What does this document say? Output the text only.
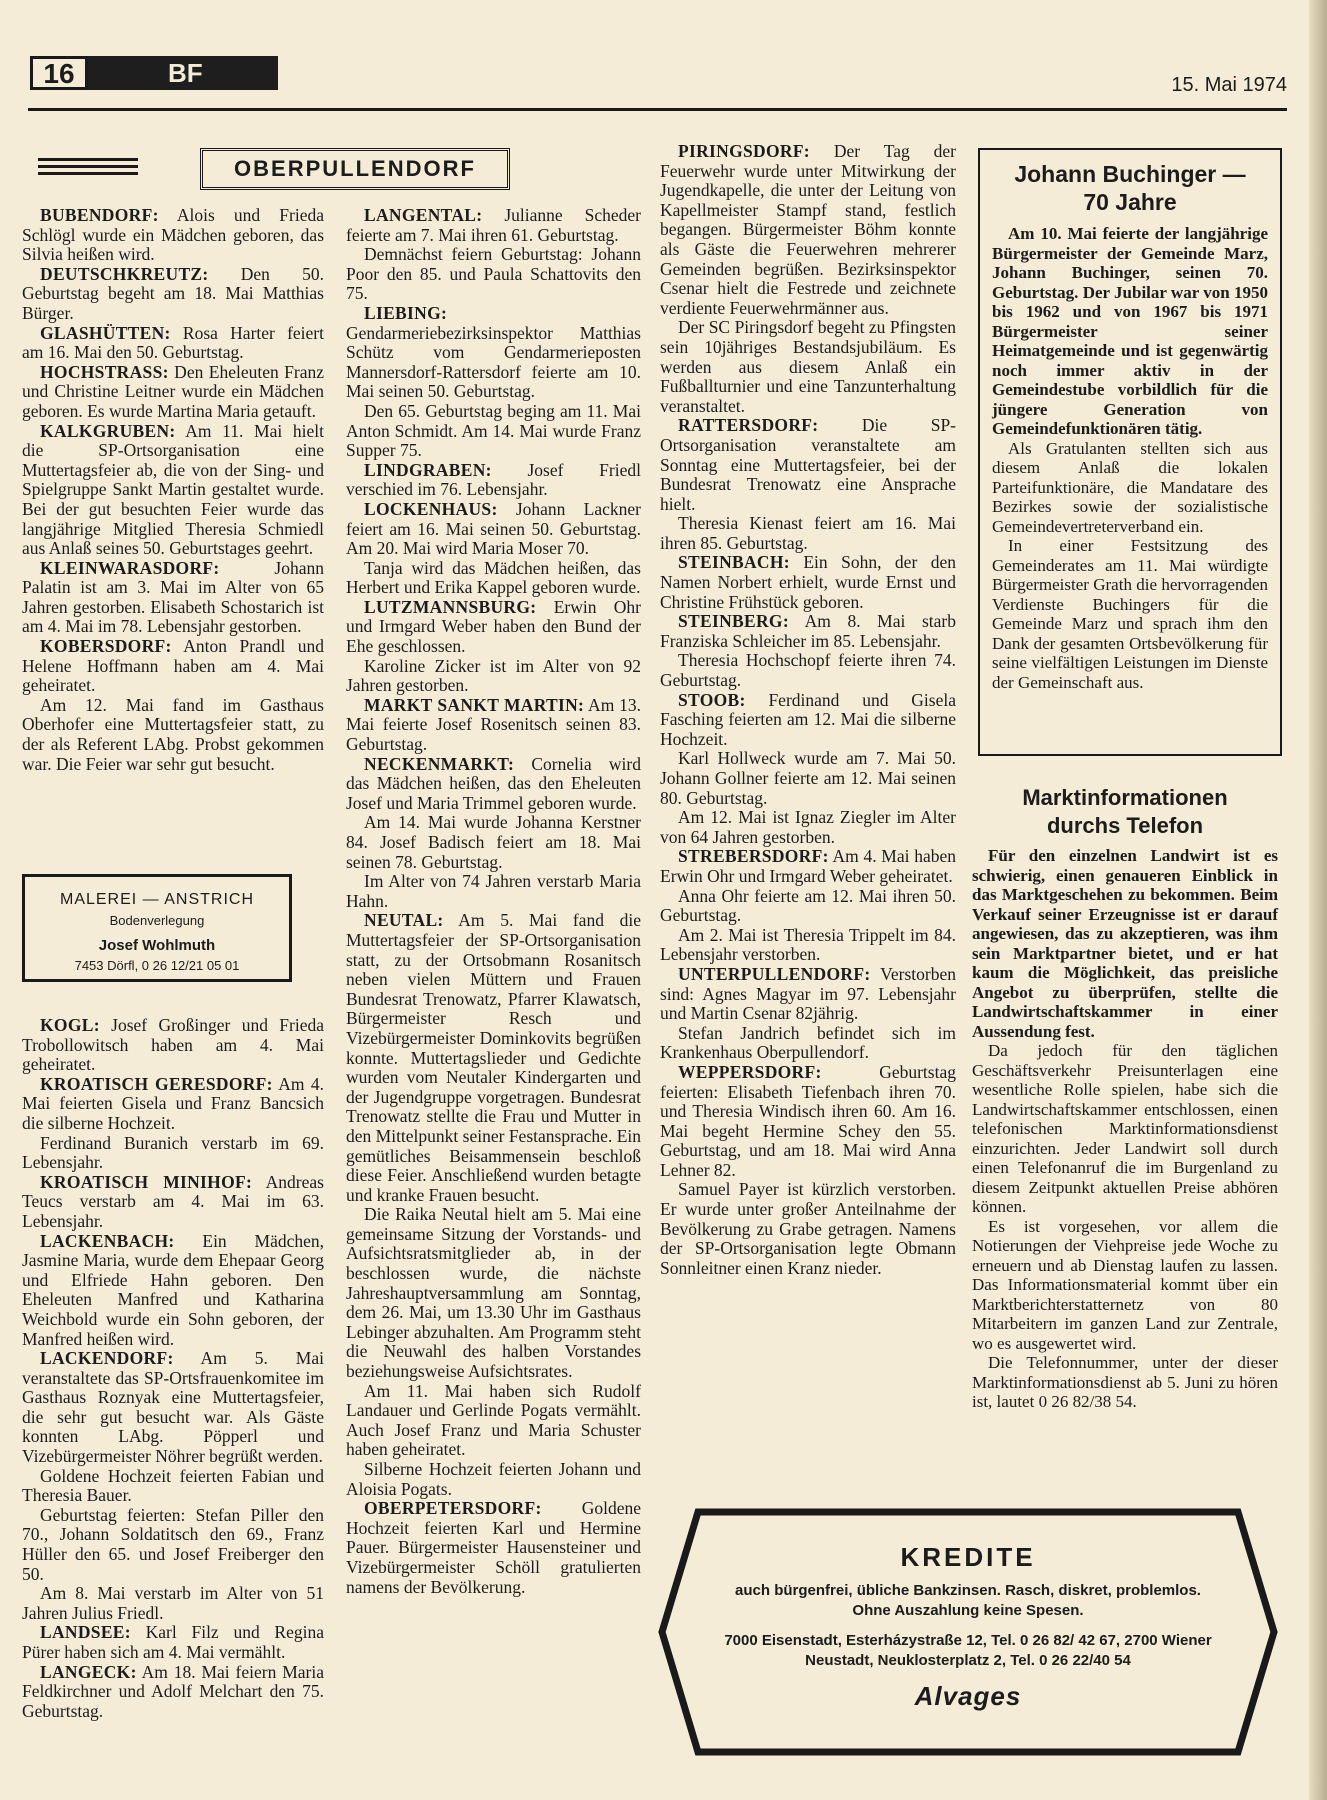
16	BF	15. Mai 1974
OBERPULLENDORF

BUBENDORF: Alois und Frieda Schlögl wurde ein Mädchen geboren, das Silvia heißen wird.

DEUTSCHKREUTZ: Den 50. Geburtstag begeht am 18. Mai Matthias Bürger.

GLASHÜTTEN: Rosa Harter feiert am 16. Mai den 50. Geburtstag.

HOCHSTRASS: Den Eheleuten Franz und Christine Leitner wurde ein Mädchen geboren. Es wurde Martina Maria getauft.

KALKGRUBEN: Am 11. Mai hielt die SP-Ortsorganisation eine Muttertagsfeier ab, die von der Sing- und Spielgruppe Sankt Martin gestaltet wurde. Bei der gut besuchten Feier wurde das langjährige Mitglied Theresia Schmiedl aus Anlaß seines 50. Geburtstages geehrt.

KLEINWARASDORF: Johann Palatin ist am 3. Mai im Alter von 65 Jahren gestorben. Elisabeth Schostarich ist am 4. Mai im 78. Lebensjahr gestorben.

KOBERSDORF: Anton Prandl und Helene Hoffmann haben am 4. Mai geheiratet.

Am 12. Mai fand im Gasthaus Oberhofer eine Muttertagsfeier statt, zu der als Referent LAbg. Probst gekommen war. Die Feier war sehr gut besucht.

MALEREI — ANSTRICH
Bodenverlegung
Josef Wohlmuth
7453 Dörfl, 0 26 12/21 05 01

KOGL: Josef Großinger und Frieda Trobollowitsch haben am 4. Mai geheiratet.

KROATISCH GERESDORF: Am 4. Mai feierten Gisela und Franz Bancsich die silberne Hochzeit.

Ferdinand Buranich verstarb im 69. Lebensjahr.

KROATISCH MINIHOF: Andreas Teucs verstarb am 4. Mai im 63. Lebensjahr.

LACKENBACH: Ein Mädchen, Jasmine Maria, wurde dem Ehepaar Georg und Elfriede Hahn geboren. Den Eheleuten Manfred und Katharina Weichbold wurde ein Sohn geboren, der Manfred heißen wird.

LACKENDORF: Am 5. Mai veranstaltete das SP-Ortsfrauenkomitee im Gasthaus Roznyak eine Muttertagsfeier, die sehr gut besucht war. Als Gäste konnten LAbg. Pöpperl und Vizebürgermeister Nöhrer begrüßt werden.

Goldene Hochzeit feierten Fabian und Theresia Bauer.

Geburtstag feierten: Stefan Piller den 70., Johann Soldatitsch den 69., Franz Hüller den 65. und Josef Freiberger den 50.

Am 8. Mai verstarb im Alter von 51 Jahren Julius Friedl.

LANDSEE: Karl Filz und Regina Pürer haben sich am 4. Mai vermählt.

LANGECK: Am 18. Mai feiern Maria Feldkirchner und Adolf Melchart den 75. Geburtstag.

LANGENTAL: Julianne Scheder feierte am 7. Mai ihren 61. Geburtstag.

Demnächst feiern Geburtstag: Johann Poor den 85. und Paula Schattovits den 75.

LIEBING: Gendarmeriebezirksinspektor Matthias Schütz vom Gendarmerieposten Mannersdorf-Rattersdorf feierte am 10. Mai seinen 50. Geburtstag.

Den 65. Geburtstag beging am 11. Mai Anton Schmidt. Am 14. Mai wurde Franz Supper 75.

LINDGRABEN: Josef Friedl verschied im 76. Lebensjahr.

LOCKENHAUS: Johann Lackner feiert am 16. Mai seinen 50. Geburtstag. Am 20. Mai wird Maria Moser 70.

Tanja wird das Mädchen heißen, das Herbert und Erika Kappel geboren wurde.

LUTZMANNSBURG: Erwin Ohr und Irmgard Weber haben den Bund der Ehe geschlossen.

Karoline Zicker ist im Alter von 92 Jahren gestorben.

MARKT SANKT MARTIN: Am 13. Mai feierte Josef Rosenitsch seinen 83. Geburtstag.

NECKENMARKT: Cornelia wird das Mädchen heißen, das den Eheleuten Josef und Maria Trimmel geboren wurde.

Am 14. Mai wurde Johanna Kerstner 84. Josef Badisch feiert am 18. Mai seinen 78. Geburtstag.

Im Alter von 74 Jahren verstarb Maria Hahn.

NEUTAL: Am 5. Mai fand die Muttertagsfeier der SP-Ortsorganisation statt, zu der Ortsobmann Rosanitsch neben vielen Müttern und Frauen Bundesrat Trenowatz, Pfarrer Klawatsch, Bürgermeister Resch und Vizebürgermeister Dominkovits begrüßen konnte. Muttertagslieder und Gedichte wurden vom Neutaler Kindergarten und der Jugendgruppe vorgetragen. Bundesrat Trenowatz stellte die Frau und Mutter in den Mittelpunkt seiner Festansprache. Ein gemütliches Beisammensein beschloß diese Feier. Anschließend wurden betagte und kranke Frauen besucht.

Die Raika Neutal hielt am 5. Mai eine gemeinsame Sitzung der Vorstands- und Aufsichtsratsmitglieder ab, in der beschlossen wurde, die nächste Jahreshauptversammlung am Sonntag, dem 26. Mai, um 13.30 Uhr im Gasthaus Lebinger abzuhalten. Am Programm steht die Neuwahl des halben Vorstandes beziehungsweise Aufsichtsrates.

Am 11. Mai haben sich Rudolf Landauer und Gerlinde Pogats vermählt. Auch Josef Franz und Maria Schuster haben geheiratet.

Silberne Hochzeit feierten Johann und Aloisia Pogats.

OBERPETERSDORF: Goldene Hochzeit feierten Karl und Hermine Pauer. Bürgermeister Hausensteiner und Vizebürgermeister Schöll gratulierten namens der Bevölkerung.

PIRINGSDORF: Der Tag der Feuerwehr wurde unter Mitwirkung der Jugendkapelle, die unter der Leitung von Kapellmeister Stampf stand, festlich begangen. Bürgermeister Böhm konnte als Gäste die Feuerwehren mehrerer Gemeinden begrüßen. Bezirksinspektor Csenar hielt die Festrede und zeichnete verdiente Feuerwehrmänner aus.

Der SC Piringsdorf begeht zu Pfingsten sein 10jähriges Bestandsjubiläum. Es werden aus diesem Anlaß ein Fußballturnier und eine Tanzunterhaltung veranstaltet.

RATTERSDORF: Die SP-Ortsorganisation veranstaltete am Sonntag eine Muttertagsfeier, bei der Bundesrat Trenowatz eine Ansprache hielt.

Theresia Kienast feiert am 16. Mai ihren 85. Geburtstag.

STEINBACH: Ein Sohn, der den Namen Norbert erhielt, wurde Ernst und Christine Frühstück geboren.

STEINBERG: Am 8. Mai starb Franziska Schleicher im 85. Lebensjahr.

Theresia Hochschopf feierte ihren 74. Geburtstag.

STOOB: Ferdinand und Gisela Fasching feierten am 12. Mai die silberne Hochzeit.

Karl Hollweck wurde am 7. Mai 50. Johann Gollner feierte am 12. Mai seinen 80. Geburtstag.

Am 12. Mai ist Ignaz Ziegler im Alter von 64 Jahren gestorben.

STREBERSDORF: Am 4. Mai haben Erwin Ohr und Irmgard Weber geheiratet.

Anna Ohr feierte am 12. Mai ihren 50. Geburtstag.

Am 2. Mai ist Theresia Trippelt im 84. Lebensjahr verstorben.

UNTERPULLENDORF: Verstorben sind: Agnes Magyar im 97. Lebensjahr und Martin Csenar 82jährig.

Stefan Jandrich befindet sich im Krankenhaus Oberpullendorf.

WEPPERSDORF: Geburtstag feierten: Elisabeth Tiefenbach ihren 70. und Theresia Windisch ihren 60. Am 16. Mai begeht Hermine Schey den 55. Geburtstag, und am 18. Mai wird Anna Lehner 82.

Samuel Payer ist kürzlich verstorben. Er wurde unter großer Anteilnahme der Bevölkerung zu Grabe getragen. Namens der SP-Ortsorganisation legte Obmann Sonnleitner einen Kranz nieder.

Johann Buchinger —
70 Jahre

Am 10. Mai feierte der langjährige Bürgermeister der Gemeinde Marz, Johann Buchinger, seinen 70. Geburtstag. Der Jubilar war von 1950 bis 1962 und von 1967 bis 1971 Bürgermeister seiner Heimatgemeinde und ist gegenwärtig noch immer aktiv in der Gemeindestube vorbildlich für die jüngere Generation von Gemeindefunktionären tätig.

Als Gratulanten stellten sich aus diesem Anlaß die lokalen Parteifunktionäre, die Mandatare des Bezirkes sowie der sozialistische Gemeindevertreterverband ein.

In einer Festsitzung des Gemeinderates am 11. Mai würdigte Bürgermeister Grath die hervorragenden Verdienste Buchingers für die Gemeinde Marz und sprach ihm den Dank der gesamten Ortsbevölkerung für seine vielfältigen Leistungen im Dienste der Gemeinschaft aus.

Marktinformationen
durchs Telefon

Für den einzelnen Landwirt ist es schwierig, einen genaueren Einblick in das Marktgeschehen zu bekommen. Beim Verkauf seiner Erzeugnisse ist er darauf angewiesen, das zu akzeptieren, was ihm sein Marktpartner bietet, und er hat kaum die Möglichkeit, das preisliche Angebot zu überprüfen, stellte die Landwirtschaftskammer in einer Aussendung fest.

Da jedoch für den täglichen Geschäftsverkehr Preisunterlagen eine wesentliche Rolle spielen, habe sich die Landwirtschaftskammer entschlossen, einen telefonischen Marktinformationsdienst einzurichten. Jeder Landwirt soll durch einen Telefonanruf die im Burgenland zu diesem Zeitpunkt aktuellen Preise abhören können.

Es ist vorgesehen, vor allem die Notierungen der Viehpreise jede Woche zu erneuern und ab Dienstag laufen zu lassen. Das Informationsmaterial kommt über ein Marktberichterstatternetz von 80 Mitarbeitern im ganzen Land zur Zentrale, wo es ausgewertet wird.

Die Telefonnummer, unter der dieser Marktinformationsdienst ab 5. Juni zu hören ist, lautet 0 26 82/38 54.

KREDITE
auch bürgenfrei, übliche Bankzinsen. Rasch, diskret, problemlos. Ohne Auszahlung keine Spesen.
7000 Eisenstadt, Esterházystraße 12, Tel. 0 26 82/ 42 67, 2700 Wiener Neustadt, Neuklosterplatz 2, Tel. 0 26 22/40 54
Alvages
